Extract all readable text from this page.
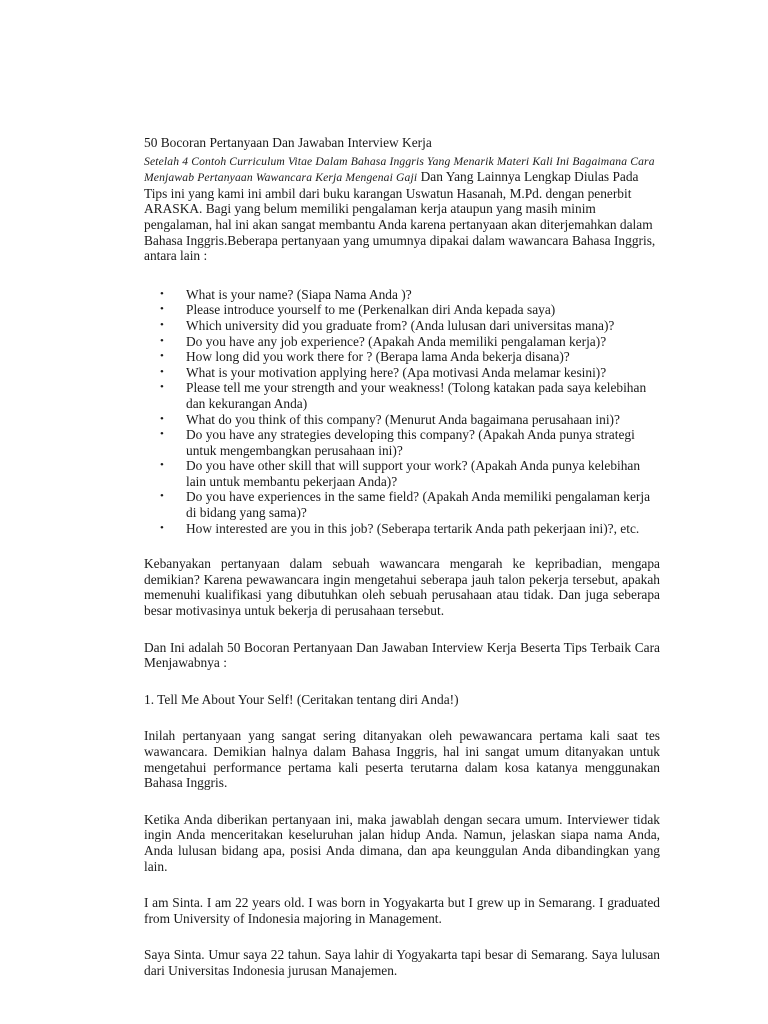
50 Bocoran Pertanyaan Dan Jawaban Interview Kerja

Setelah 4 Contoh Curriculum Vitae Dalam Bahasa Inggris Yang Menarik Materi Kali Ini Bagaimana Cara Menjawab Pertanyaan Wawancara Kerja Mengenai Gaji Dan Yang Lainnya Lengkap Diulas Pada Tips ini yang kami ini ambil dari buku karangan Uswatun Hasanah, M.Pd. dengan penerbit ARASKA. Bagi yang belum memiliki pengalaman kerja ataupun yang masih minim pengalaman, hal ini akan sangat membantu Anda karena pertanyaan akan diterjemahkan dalam Bahasa Inggris.Beberapa pertanyaan yang umumnya dipakai dalam wawancara Bahasa Inggris, antara lain :

• What is your name? (Siapa Nama Anda )?
• Please introduce yourself to me (Perkenalkan diri Anda kepada saya)
• Which university did you graduate from? (Anda lulusan dari universitas mana)?
• Do you have any job experience? (Apakah Anda memiliki pengalaman kerja)?
• How long did you work there for ? (Berapa lama Anda bekerja disana)?
• What is your motivation applying here? (Apa motivasi Anda melamar kesini)?
• Please tell me your strength and your weakness! (Tolong katakan pada saya kelebihan dan kekurangan Anda)
• What do you think of this company? (Menurut Anda bagaimana perusahaan ini)?
• Do you have any strategies developing this company? (Apakah Anda punya strategi untuk mengembangkan perusahaan ini)?
• Do you have other skill that will support your work? (Apakah Anda punya kelebihan lain untuk membantu pekerjaan Anda)?
• Do you have experiences in the same field? (Apakah Anda memiliki pengalaman kerja di bidang yang sama)?
• How interested are you in this job? (Seberapa tertarik Anda path pekerjaan ini)?, etc.

Kebanyakan pertanyaan dalam sebuah wawancara mengarah ke kepribadian, mengapa demikian? Karena pewawancara ingin mengetahui seberapa jauh talon pekerja tersebut, apakah memenuhi kualifikasi yang dibutuhkan oleh sebuah perusahaan atau tidak. Dan juga seberapa besar motivasinya untuk bekerja di perusahaan tersebut.

Dan Ini adalah 50 Bocoran Pertanyaan Dan Jawaban Interview Kerja Beserta Tips Terbaik Cara Menjawabnya :

1. Tell Me About Your Self! (Ceritakan tentang diri Anda!)

Inilah pertanyaan yang sangat sering ditanyakan oleh pewawancara pertama kali saat tes wawancara. Demikian halnya dalam Bahasa Inggris, hal ini sangat umum ditanyakan untuk mengetahui performance pertama kali peserta terutarna dalam kosa katanya menggunakan Bahasa Inggris.

Ketika Anda diberikan pertanyaan ini, maka jawablah dengan secara umum. Interviewer tidak ingin Anda menceritakan keseluruhan jalan hidup Anda. Namun, jelaskan siapa nama Anda, Anda lulusan bidang apa, posisi Anda dimana, dan apa keunggulan Anda dibandingkan yang lain.

I am Sinta. I am 22 years old. I was born in Yogyakarta but I grew up in Semarang. I graduated from University of Indonesia majoring in Management.

Saya Sinta. Umur saya 22 tahun. Saya lahir di Yogyakarta tapi besar di Semarang. Saya lulusan dari Universitas Indonesia jurusan Manajemen.
